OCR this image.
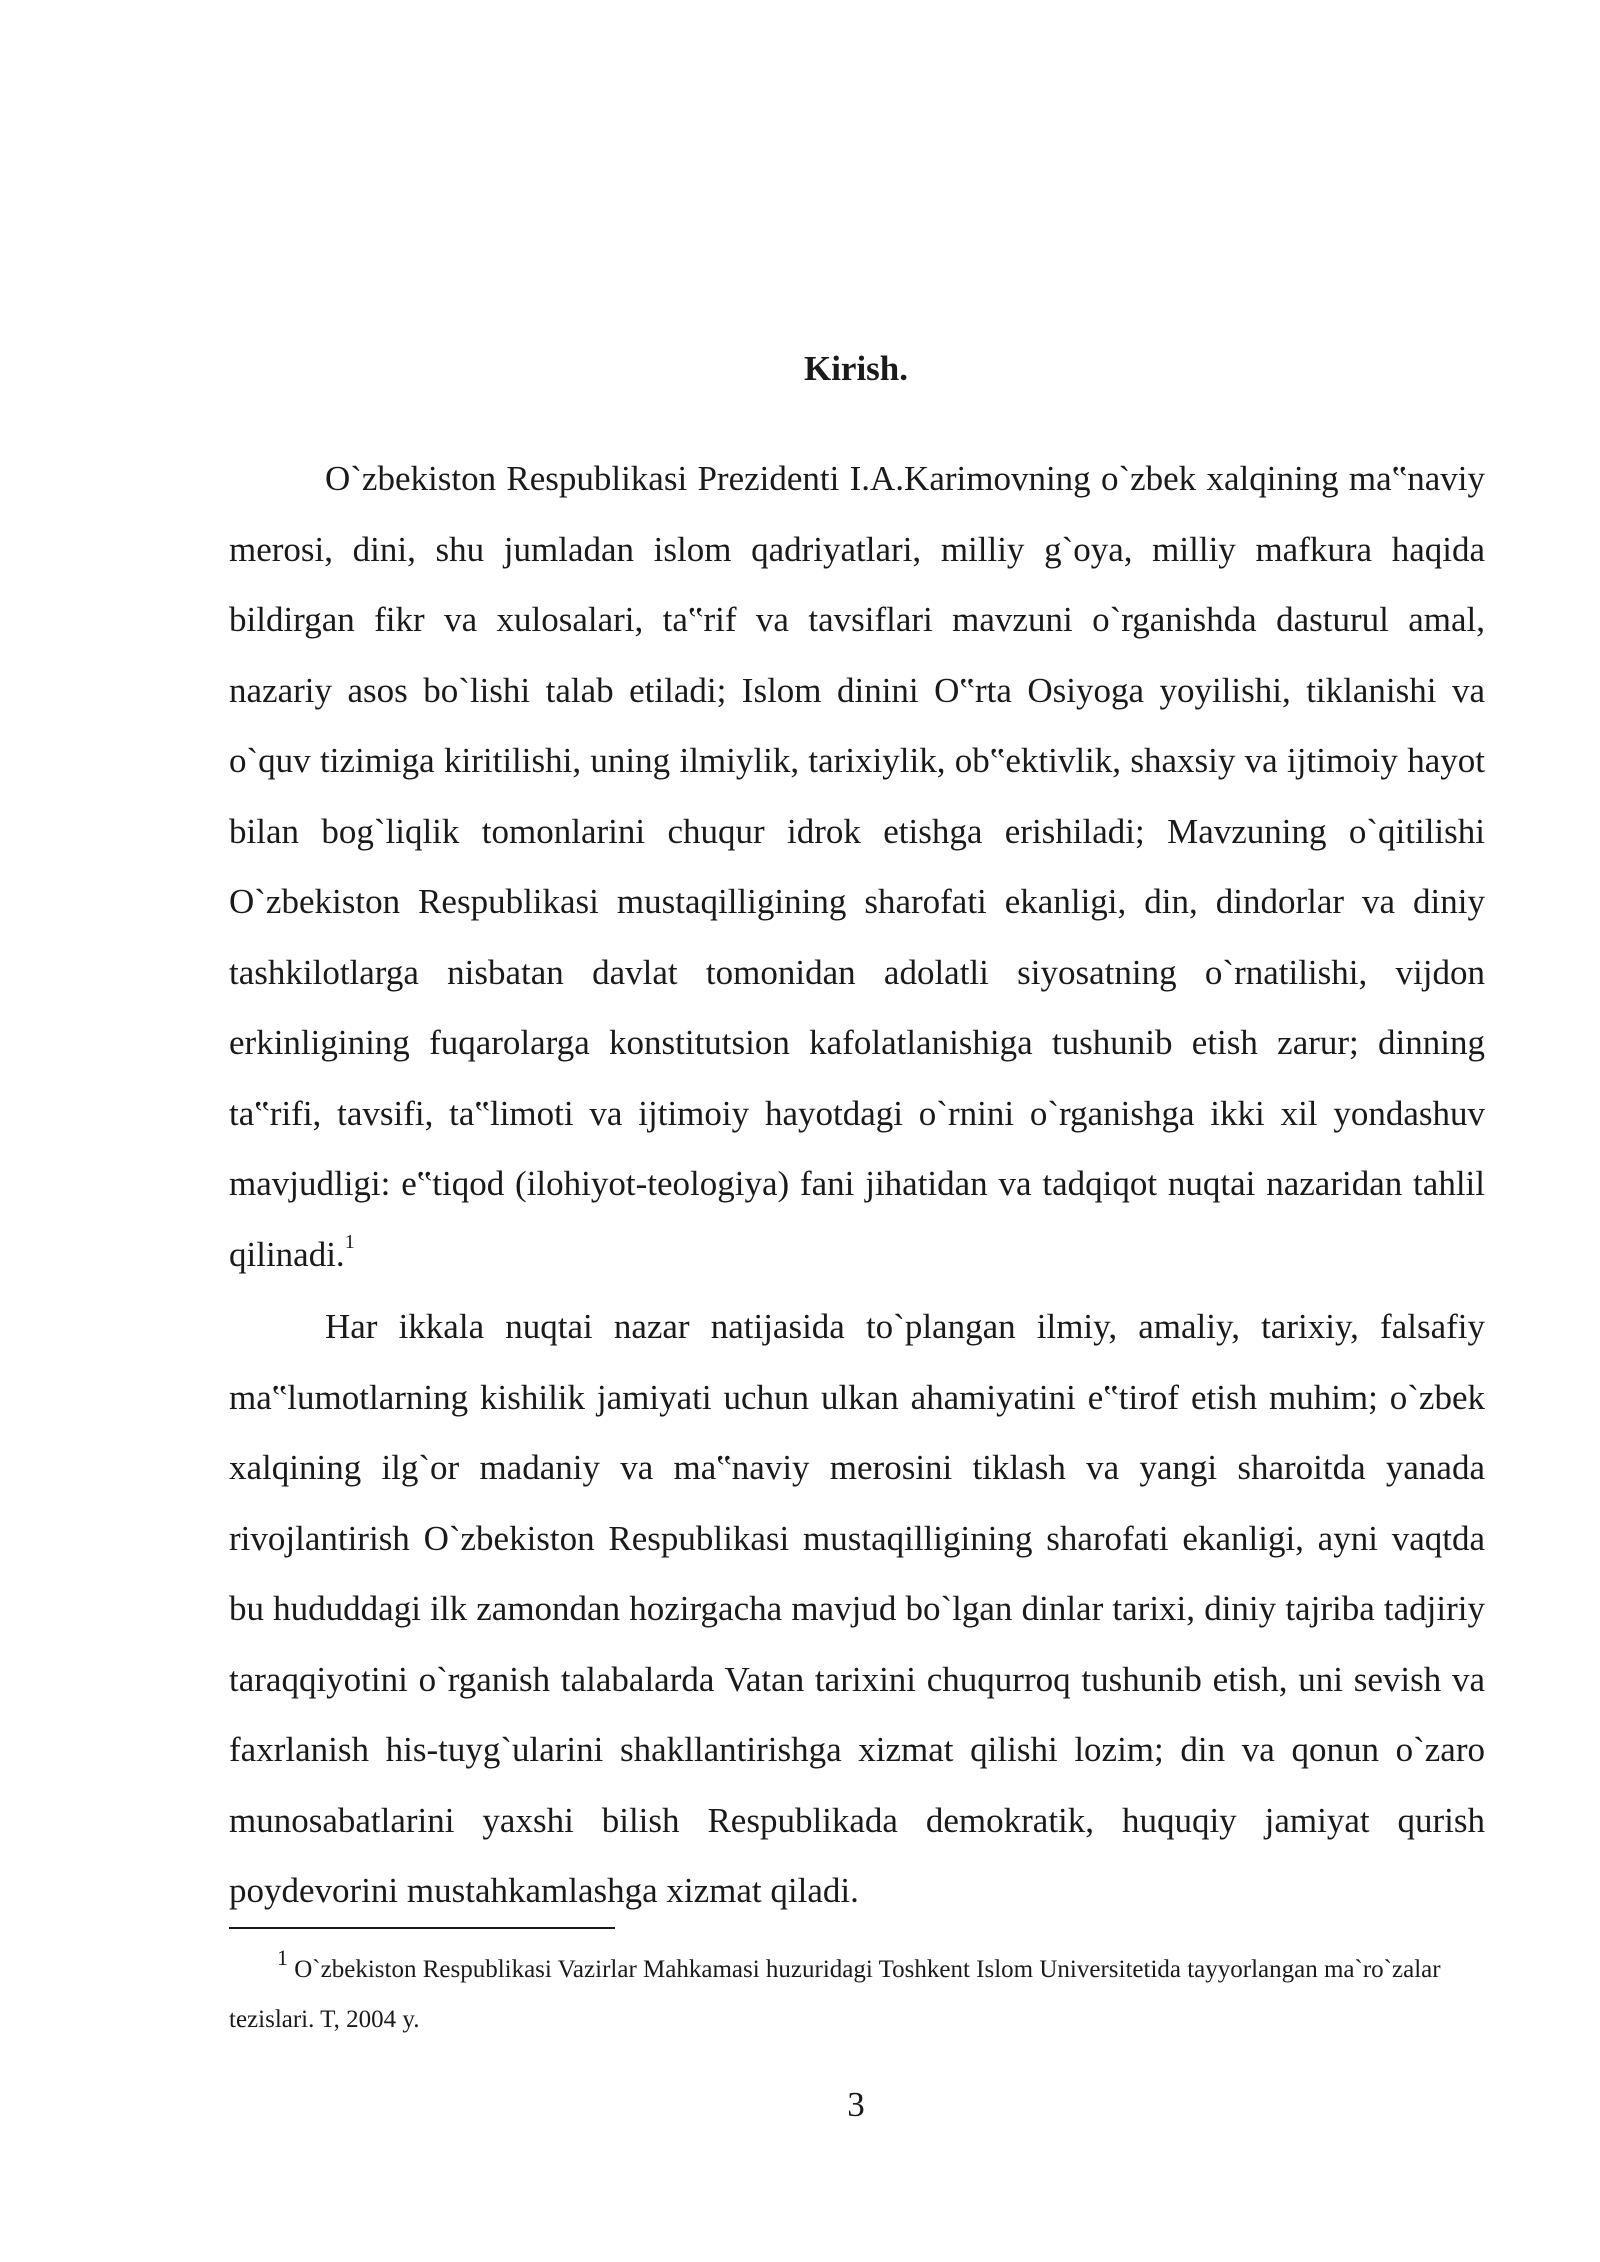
Kirish.

O`zbekiston Respublikasi Prezidenti I.A.Karimovning o`zbek xalqining ma‟naviy merosi, dini, shu jumladan islom qadriyatlari, milliy g`oya, milliy mafkura haqida bildirgan fikr va xulosalari, ta‟rif va tavsiflari mavzuni o`rganishda dasturul amal, nazariy asos bo`lishi talab etiladi; Islom dinini O‟rta Osiyoga yoyilishi, tiklanishi va o`quv tizimiga kiritilishi, uning ilmiylik, tarixiylik, ob‟ektivlik, shaxsiy va ijtimoiy hayot bilan bog`liqlik tomonlarini chuqur idrok etishga erishiladi; Mavzuning o`qitilishi O`zbekiston Respublikasi mustaqilligining sharofati ekanligi, din, dindorlar va diniy tashkilotlarga nisbatan davlat tomonidan adolatli siyosatning o`rnatilishi, vijdon erkinligining fuqarolarga konstitutsion kafolatlanishiga tushunib etish zarur; dinning ta‟rifi, tavsifi, ta‟limoti va ijtimoiy hayotdagi o`rnini o`rganishga ikki xil yondashuv mavjudligi: e‟tiqod (ilohiyot-teologiya) fani jihatidan va tadqiqot nuqtai nazaridan tahlil qilinadi.$^1$

Har ikkala nuqtai nazar natijasida to`plangan ilmiy, amaliy, tarixiy, falsafiy ma‟lumotlarning kishilik jamiyati uchun ulkan ahamiyatini e‟tirof etish muhim; o`zbek xalqining ilg`or madaniy va ma‟naviy merosini tiklash va yangi sharoitda yanada rivojlantirish O`zbekiston Respublikasi mustaqilligining sharofati ekanligi, ayni vaqtda bu hududdagi ilk zamondan hozirgacha mavjud bo`lgan dinlar tarixi, diniy tajriba tadjiriy taraqqiyotini o`rganish talabalarda Vatan tarixini chuqurroq tushunib etish, uni sevish va faxrlanish his-tuyg`ularini shakllantirishga xizmat qilishi lozim; din va qonun o`zaro munosabatlarini yaxshi bilish Respublikada demokratik, huquqiy jamiyat qurish poydevorini mustahkamlashga xizmat qiladi.

$^1$ O`zbekiston Respublikasi Vazirlar Mahkamasi huzuridagi Toshkent Islom Universitetida tayyorlangan ma`ro`zalar tezislari. T, 2004 y.

3
